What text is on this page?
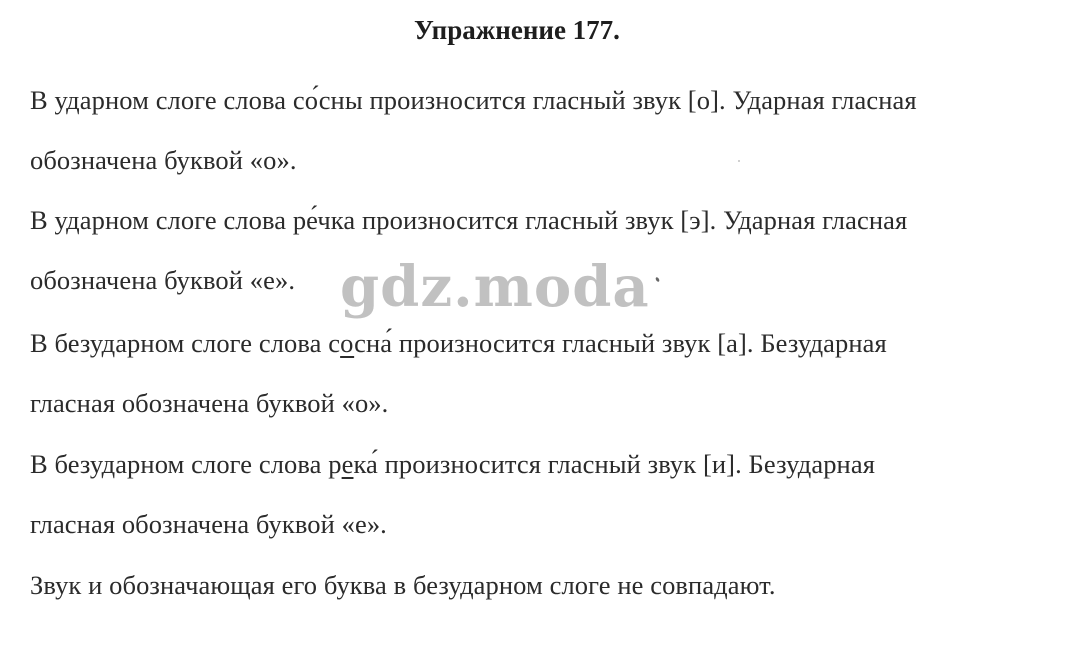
Упражнение 177.
В ударном слоге слова со́сны произносится гласный звук [о]. Ударная гласная
обозначена буквой «о».
В ударном слоге слова ре́чка произносится гласный звук [э]. Ударная гласная
обозначена буквой «е».
В безударном слоге слова сосна́ произносится гласный звук [а]. Безударная
гласная обозначена буквой «о».
В безударном слоге слова река́ произносится гласный звук [и]. Безударная
гласная обозначена буквой «е».
Звук и обозначающая его буква в безударном слоге не совпадают.
gdz.moda
